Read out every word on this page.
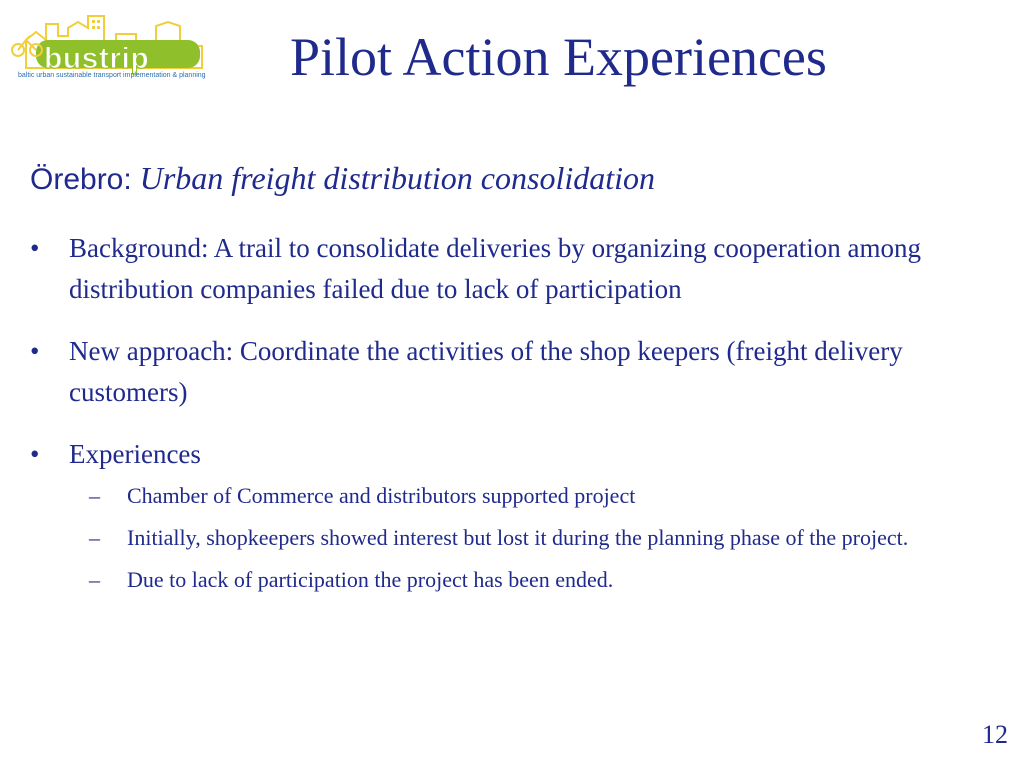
bustrip
baltic urban sustainable transport implementation & planning Pilot Action Experiences
Örebro: Urban freight distribution consolidation
• Background: A trail to consolidate deliveries by organizing cooperation among distribution companies failed due to lack of participation
• New approach: Coordinate the activities of the shop keepers (freight delivery customers)
• Experiences
– Chamber of Commerce and distributors supported project
– Initially, shopkeepers showed interest but lost it during the planning phase of the project.
– Due to lack of participation the project has been ended.
12
